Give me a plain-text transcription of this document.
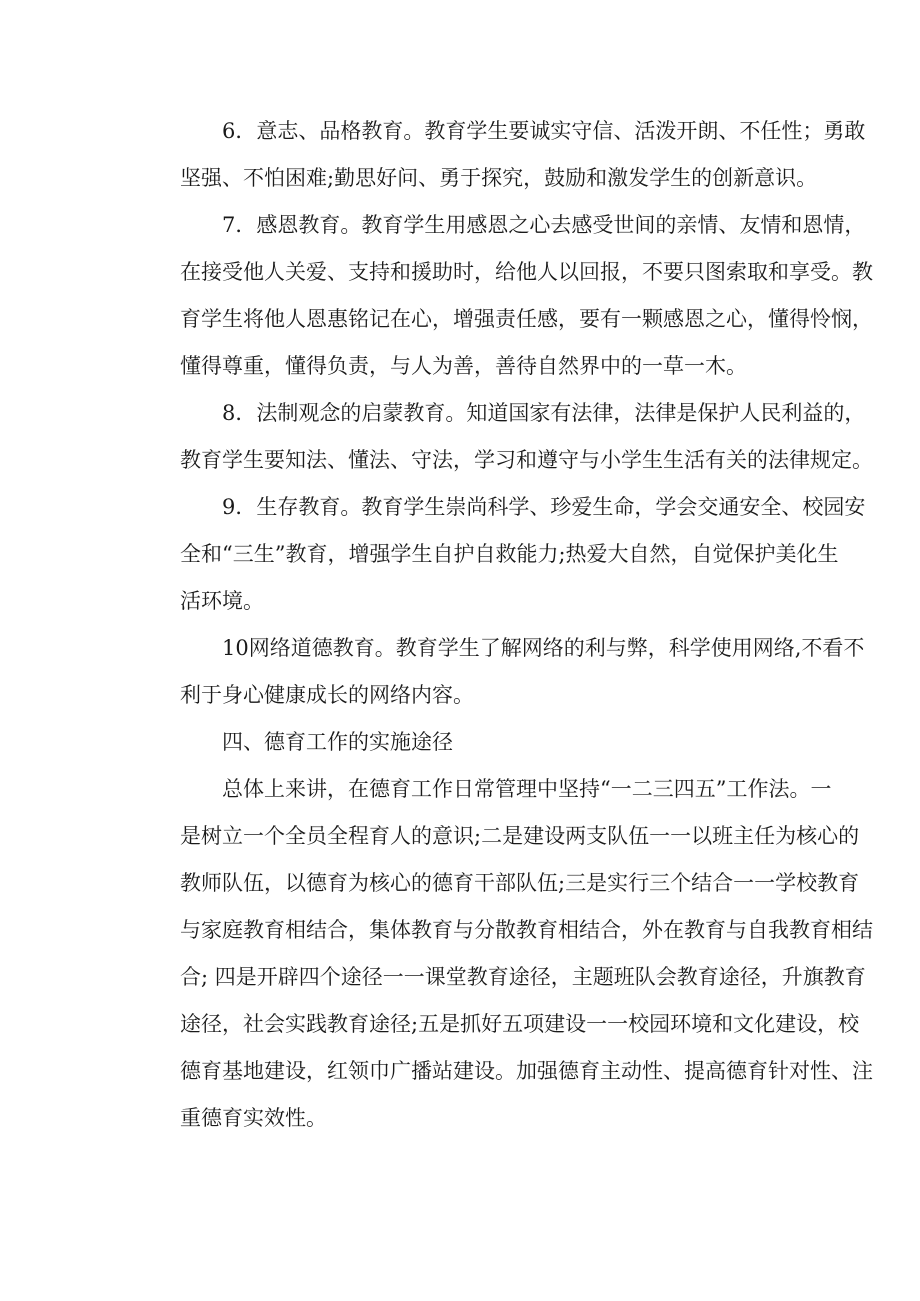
6．意志、品格教育。教育学生要诚实守信、活泼开朗、不任性；勇敢
坚强、不怕困难;勤思好问、勇于探究，鼓励和激发学生的创新意识。
7．感恩教育。教育学生用感恩之心去感受世间的亲情、友情和恩情，
在接受他人关爱、支持和援助时，给他人以回报，不要只图索取和享受。教
育学生将他人恩惠铭记在心，增强责任感，要有一颗感恩之心，懂得怜悯，
懂得尊重，懂得负责，与人为善，善待自然界中的一草一木。
8．法制观念的启蒙教育。知道国家有法律，法律是保护人民利益的，
教育学生要知法、懂法、守法，学习和遵守与小学生生活有关的法律规定。
9．生存教育。教育学生崇尚科学、珍爱生命，学会交通安全、校园安
全和“三生”教育，增强学生自护自救能力;热爱大自然，自觉保护美化生
活环境。
10网络道德教育。教育学生了解网络的利与弊，科学使用网络,不看不
利于身心健康成长的网络内容。
四、德育工作的实施途径
总体上来讲，在德育工作日常管理中坚持“一二三四五”工作法。一
是树立一个全员全程育人的意识;二是建设两支队伍一一以班主任为核心的
教师队伍，以德育为核心的德育干部队伍;三是实行三个结合一一学校教育
与家庭教育相结合，集体教育与分散教育相结合，外在教育与自我教育相结
合; 四是开辟四个途径一一课堂教育途径，主题班队会教育途径，升旗教育
途径，社会实践教育途径;五是抓好五项建设一一校园环境和文化建设，校
德育基地建设，红领巾广播站建设。加强德育主动性、提高德育针对性、注
重德育实效性。
